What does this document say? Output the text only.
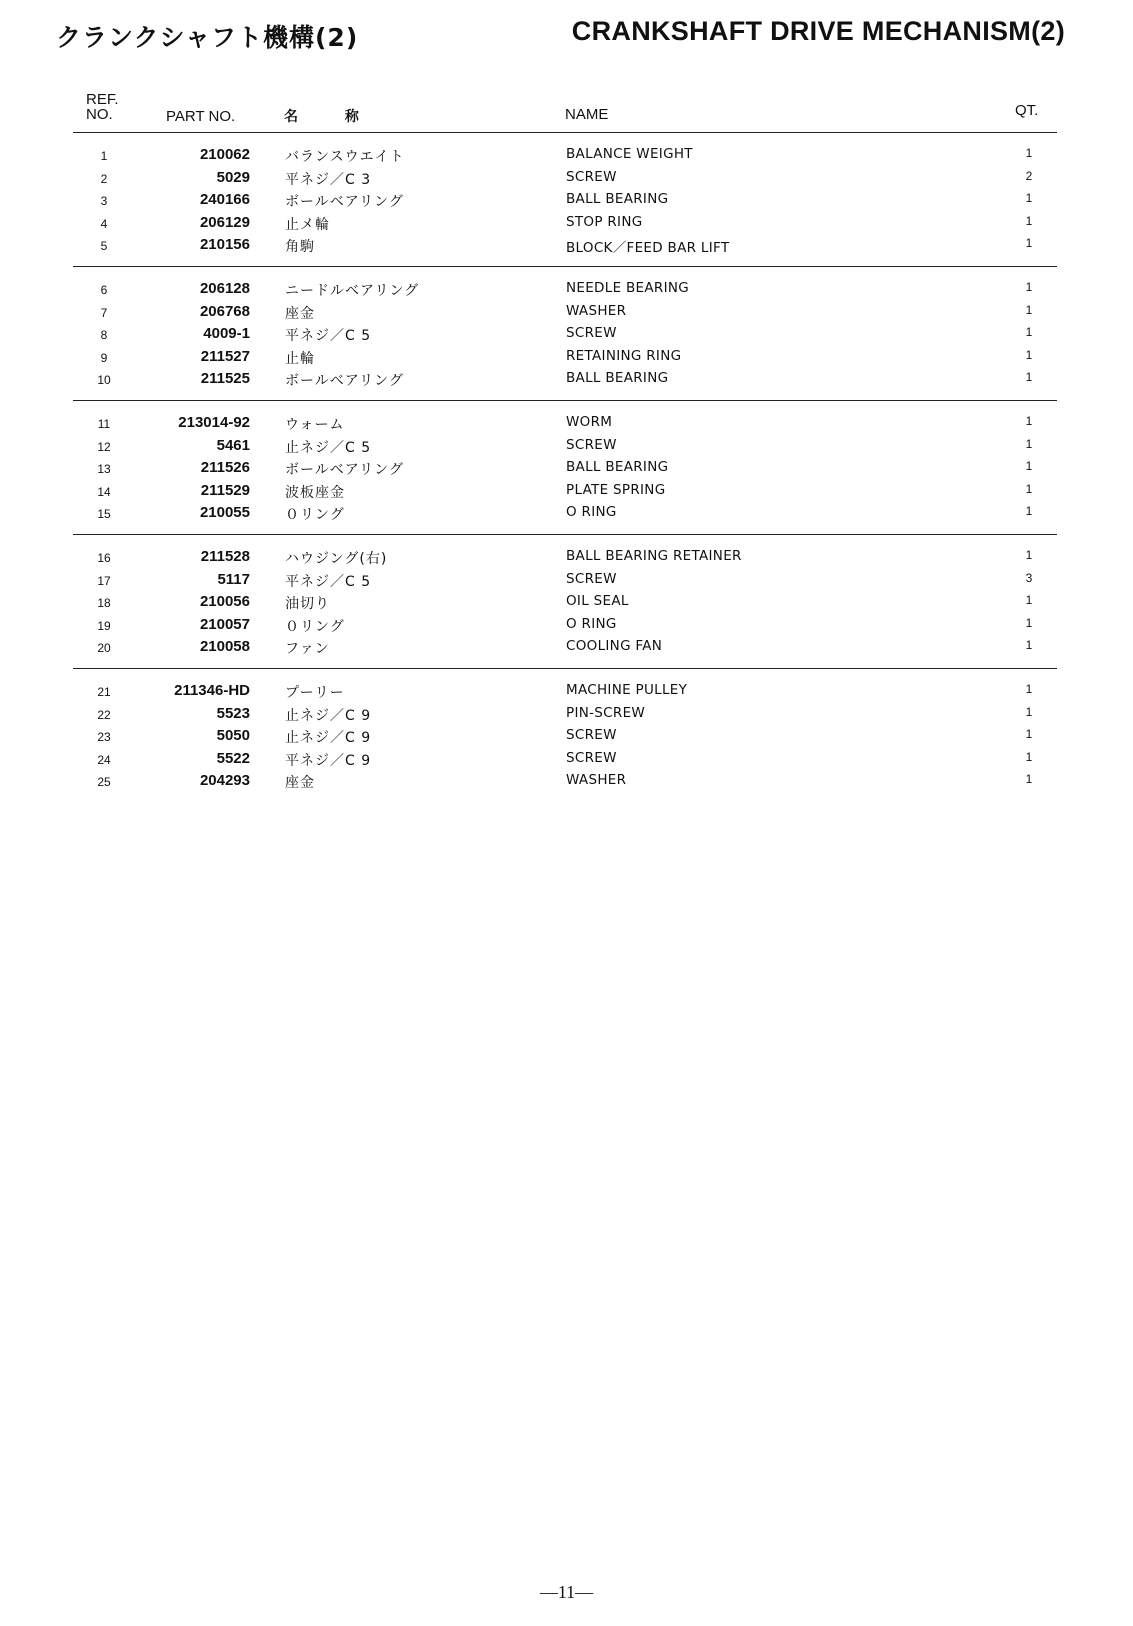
クランクシャフト機構(2)	CRANKSHAFT DRIVE MECHANISM(2)
REF.
NO.	PART NO.	名 称	NAME	QT.
1	210062	バランスウエイト	BALANCE WEIGHT	1
2	5029	平ネジ／C 3	SCREW	2
3	240166	ボールベアリング	BALL BEARING	1
4	206129	止メ輪	STOP RING	1
5	210156	角駒	BLOCK／FEED BAR LIFT	1
6	206128	ニードルベアリング	NEEDLE BEARING	1
7	206768	座金	WASHER	1
8	4009-1	平ネジ／C 5	SCREW	1
9	211527	止輪	RETAINING RING	1
10	211525	ボールベアリング	BALL BEARING	1
11	213014-92	ウォーム	WORM	1
12	5461	止ネジ／C 5	SCREW	1
13	211526	ボールベアリング	BALL BEARING	1
14	211529	波板座金	PLATE SPRING	1
15	210055	０リング	O RING	1
16	211528	ハウジング(右)	BALL BEARING RETAINER	1
17	5117	平ネジ／C 5	SCREW	3
18	210056	油切り	OIL SEAL	1
19	210057	０リング	O RING	1
20	210058	ファン	COOLING FAN	1
21	211346-HD	プーリー	MACHINE PULLEY	1
22	5523	止ネジ／C 9	PIN-SCREW	1
23	5050	止ネジ／C 9	SCREW	1
24	5522	平ネジ／C 9	SCREW	1
25	204293	座金	WASHER	1
—11—
